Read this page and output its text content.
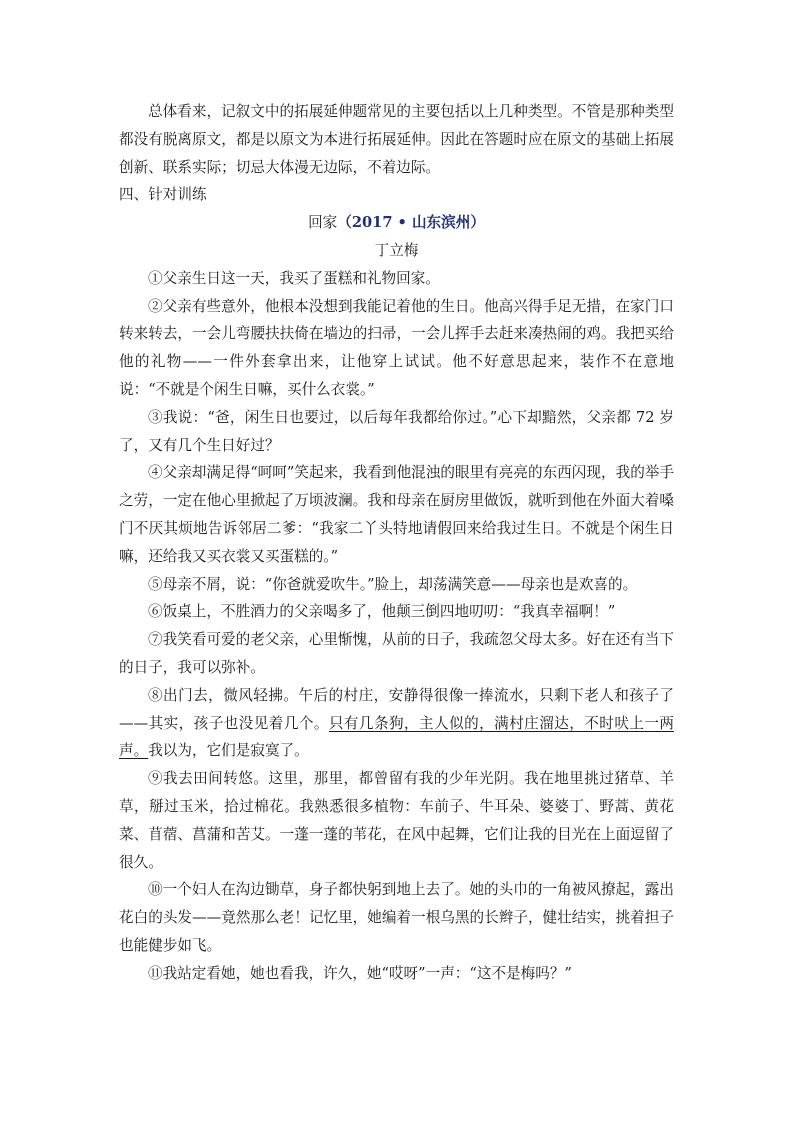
总体看来，记叙文中的拓展延伸题常见的主要包括以上几种类型。不管是那种类型都没有脱离原文，都是以原文为本进行拓展延伸。因此在答题时应在原文的基础上拓展创新、联系实际；切忌大体漫无边际，不着边际。

四、针对训练

回家（2017 • 山东滨州）

丁立梅

①父亲生日这一天，我买了蛋糕和礼物回家。

②父亲有些意外，他根本没想到我能记着他的生日。他高兴得手足无措，在家门口转来转去，一会儿弯腰扶扶倚在墙边的扫帚，一会儿挥手去赶来凑热闹的鸡。我把买给他的礼物——一件外套拿出来，让他穿上试试。他不好意思起来，装作不在意地说：“不就是个闲生日嘛，买什么衣裳。”

③我说：“爸，闲生日也要过，以后每年我都给你过。”心下却黯然，父亲都 72 岁了，又有几个生日好过？

④父亲却满足得“呵呵”笑起来，我看到他混浊的眼里有亮亮的东西闪现，我的举手之劳，一定在他心里掀起了万顷波澜。我和母亲在厨房里做饭，就听到他在外面大着嗓门不厌其烦地告诉邻居二爹：“我家二丫头特地请假回来给我过生日。不就是个闲生日嘛，还给我又买衣裳又买蛋糕的。”

⑤母亲不屑，说：“你爸就爱吹牛。”脸上，却荡满笑意——母亲也是欢喜的。

⑥饭桌上，不胜酒力的父亲喝多了，他颠三倒四地叨叨：“我真幸福啊！”

⑦我笑看可爱的老父亲，心里惭愧，从前的日子，我疏忽父母太多。好在还有当下的日子，我可以弥补。

⑧出门去，微风轻拂。午后的村庄，安静得很像一捧流水，只剩下老人和孩子了——其实，孩子也没见着几个。只有几条狗，主人似的，满村庄溜达，不时吠上一两声。我以为，它们是寂寞了。

⑨我去田间转悠。这里，那里，都曾留有我的少年光阴。我在地里挑过猪草、羊草，掰过玉米，拾过棉花。我熟悉很多植物：车前子、牛耳朵、婆婆丁、野蒿、黄花菜、苜蓿、菖蒲和苦艾。一蓬一蓬的苇花，在风中起舞，它们让我的目光在上面逗留了很久。

⑩一个妇人在沟边锄草，身子都快躬到地上去了。她的头巾的一角被风撩起，露出花白的头发——竟然那么老！记忆里，她编着一根乌黑的长辫子，健壮结实，挑着担子也能健步如飞。

⑪我站定看她，她也看我，许久，她“哎呀”一声：“这不是梅吗？”
